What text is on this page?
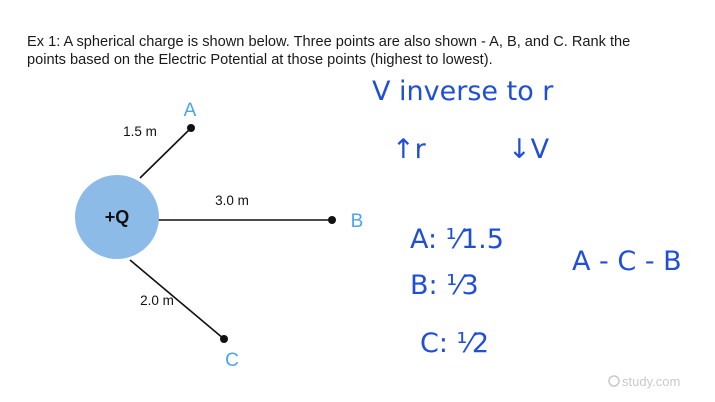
Ex 1: A spherical charge is shown below. Three points are also shown - A, B, and C. Rank the

points based on the Electric Potential at those points (highest to lowest).

+Q
A
B
C
1.5 m
3.0 m
2.0 m
V inverse to r
↑r	↓V
A: ¹⁄1.5
B: ¹⁄3
C: ¹⁄2
A - C - B
study.com
